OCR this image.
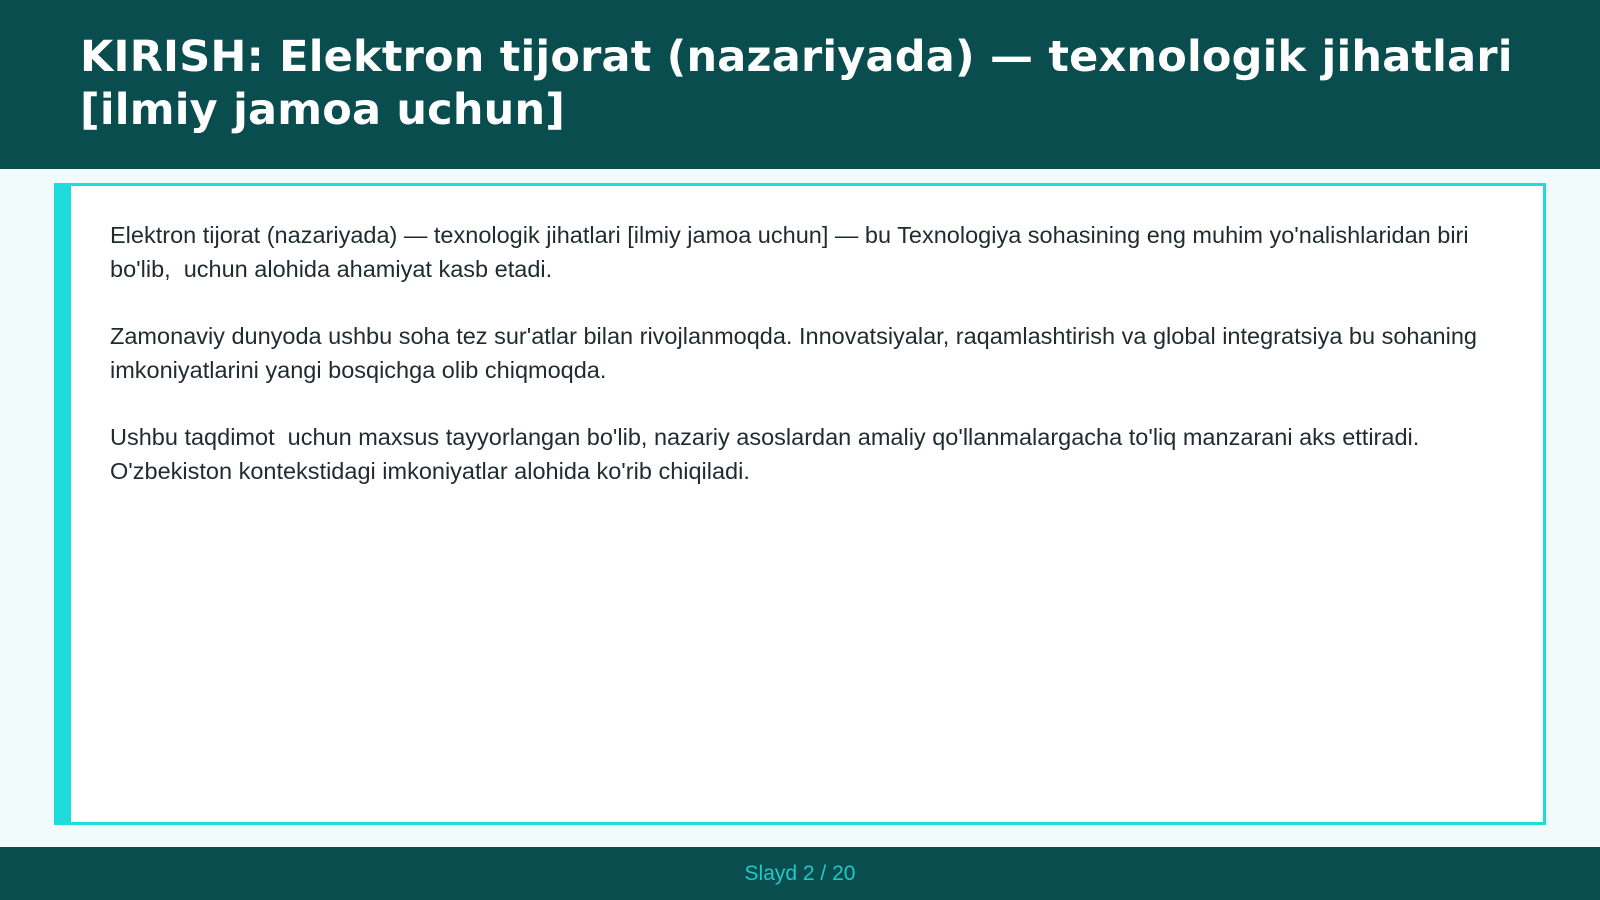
KIRISH: Elektron tijorat (nazariyada) — texnologik jihatlari [ilmiy jamoa uchun]

Elektron tijorat (nazariyada) — texnologik jihatlari [ilmiy jamoa uchun] — bu Texnologiya sohasining eng muhim yo'nalishlaridan biri bo'lib,  uchun alohida ahamiyat kasb etadi.

Zamonaviy dunyoda ushbu soha tez sur'atlar bilan rivojlanmoqda. Innovatsiyalar, raqamlashtirish va global integratsiya bu sohaning imkoniyatlarini yangi bosqichga olib chiqmoqda.

Ushbu taqdimot  uchun maxsus tayyorlangan bo'lib, nazariy asoslardan amaliy qo'llanmalargacha to'liq manzarani aks ettiradi. O'zbekiston kontekstidagi imkoniyatlar alohida ko'rib chiqiladi.

Slayd 2 / 20
